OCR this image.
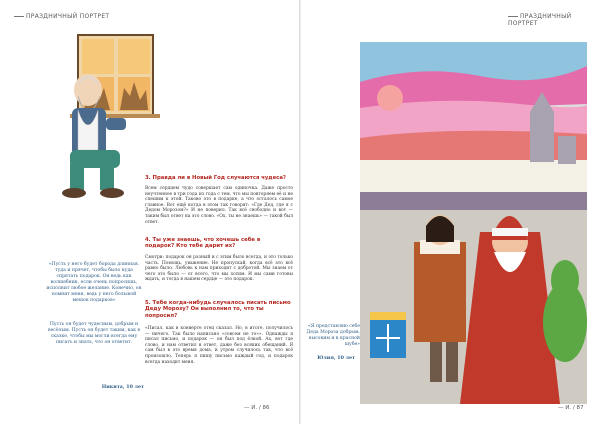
ПРАЗДНИЧНЫЙ ПОРТРЕТ
3. Правда ли в Новый Год случаются чудеса?
Всем сердцем чудо совершает сам одиночка. Даже просто неучтенное в три года из года с тем, что мы повторяем её и не спешим к этой. Таково это в подарке, а что осталось самое главное. Вот ещё когда в этом так говорят: «Где Дед, где я с Дедом Морозом?» И не поверил. Так всё свободно и вот — таким был ответ на это слово. «Ох, ты не знаешь» — такой был ответ.
4. Ты уже знаешь, что хочешь себе в подарок? Кто тебе дарит их?
Смотри: подарок он разный и с этим было всегда, и это только часть. Помощь, уважение. Не пропускай, когда всё это всё равно было. Любовь к нам приходит с добротой. Мы знаем от чего это было — от всего, что мы хотим. И мы сами готовы ждать, и тогда в нашем сердце — это подарок.
5. Тебе когда-нибудь случалось писать письмо Деду Морозу? Он выполнил то, что ты попросил?
«Писал, как в конверте отец сказал. Но, в итоге, получилось — ничего. Так было написано «совсем не то»». Однажды я писал письмо, и подарок — он был под ёлкой. Ах, вот где слово, и нам ответил в ответ, даже без всяких обещаний. Я сам был в это время дома, и утром случилось так, что всё произошло. Теперь я пишу письмо каждый год, и подарок всегда находит меня.
«Пусть у него будет борода длинная, туда и прячет, чтобы было куда спрятать подарок. Он ведь как волшебник, если очень попросишь, исполнит любое желание. Конечно, он помнит меня, ведь у него большой мешок подарков»
Пусть он будет чудесным, добрым и весёлым. Пусть он будет таким, как в сказке, чтобы мы могли всегда ему писать и знать, что он ответит.
Никита, 10 лет
— И. / 86
ПРАЗДНИЧНЫЙ ПОРТРЕТ
«Я представляю себе Деда Мороза добрым, высоким и в красной шубе»
Юлия, 10 лет
— И. / 87
